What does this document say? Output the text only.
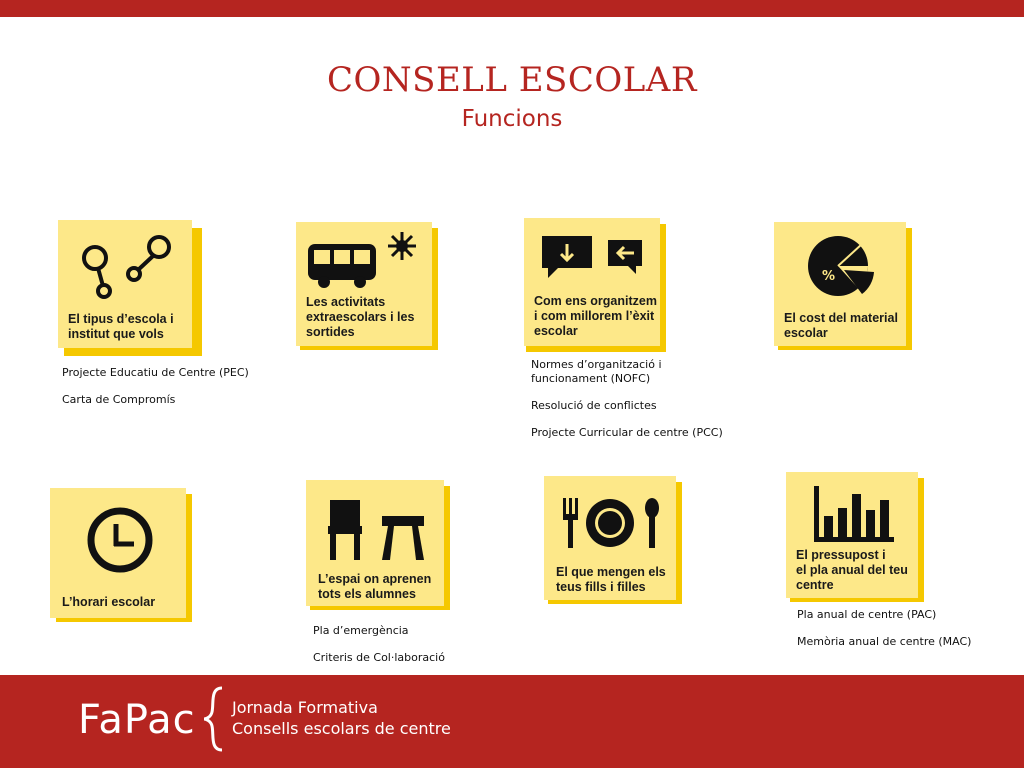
CONSELL ESCOLAR
Funcions
El tipus d’escola i
institut que vols
Les activitats
extraescolars i les
sortides
Com ens organitzem
i com millorem l’èxit
escolar
%
El cost del material
escolar
L’horari escolar
L’espai on aprenen
tots els alumnes
El que mengen els
teus fills i filles
El pressupost i
el pla anual del teu
centre
Projecte Educatiu de Centre (PEC)
Carta de Compromís
Normes d’organització i
funcionament (NOFC)
Resolució de conflictes
Projecte Curricular de centre (PCC)
Pla d’emergència
Criteris de Col·laboració
Pla anual de centre (PAC)
Memòria anual de centre (MAC)
FaPac Jornada Formativa
Consells escolars de centre
